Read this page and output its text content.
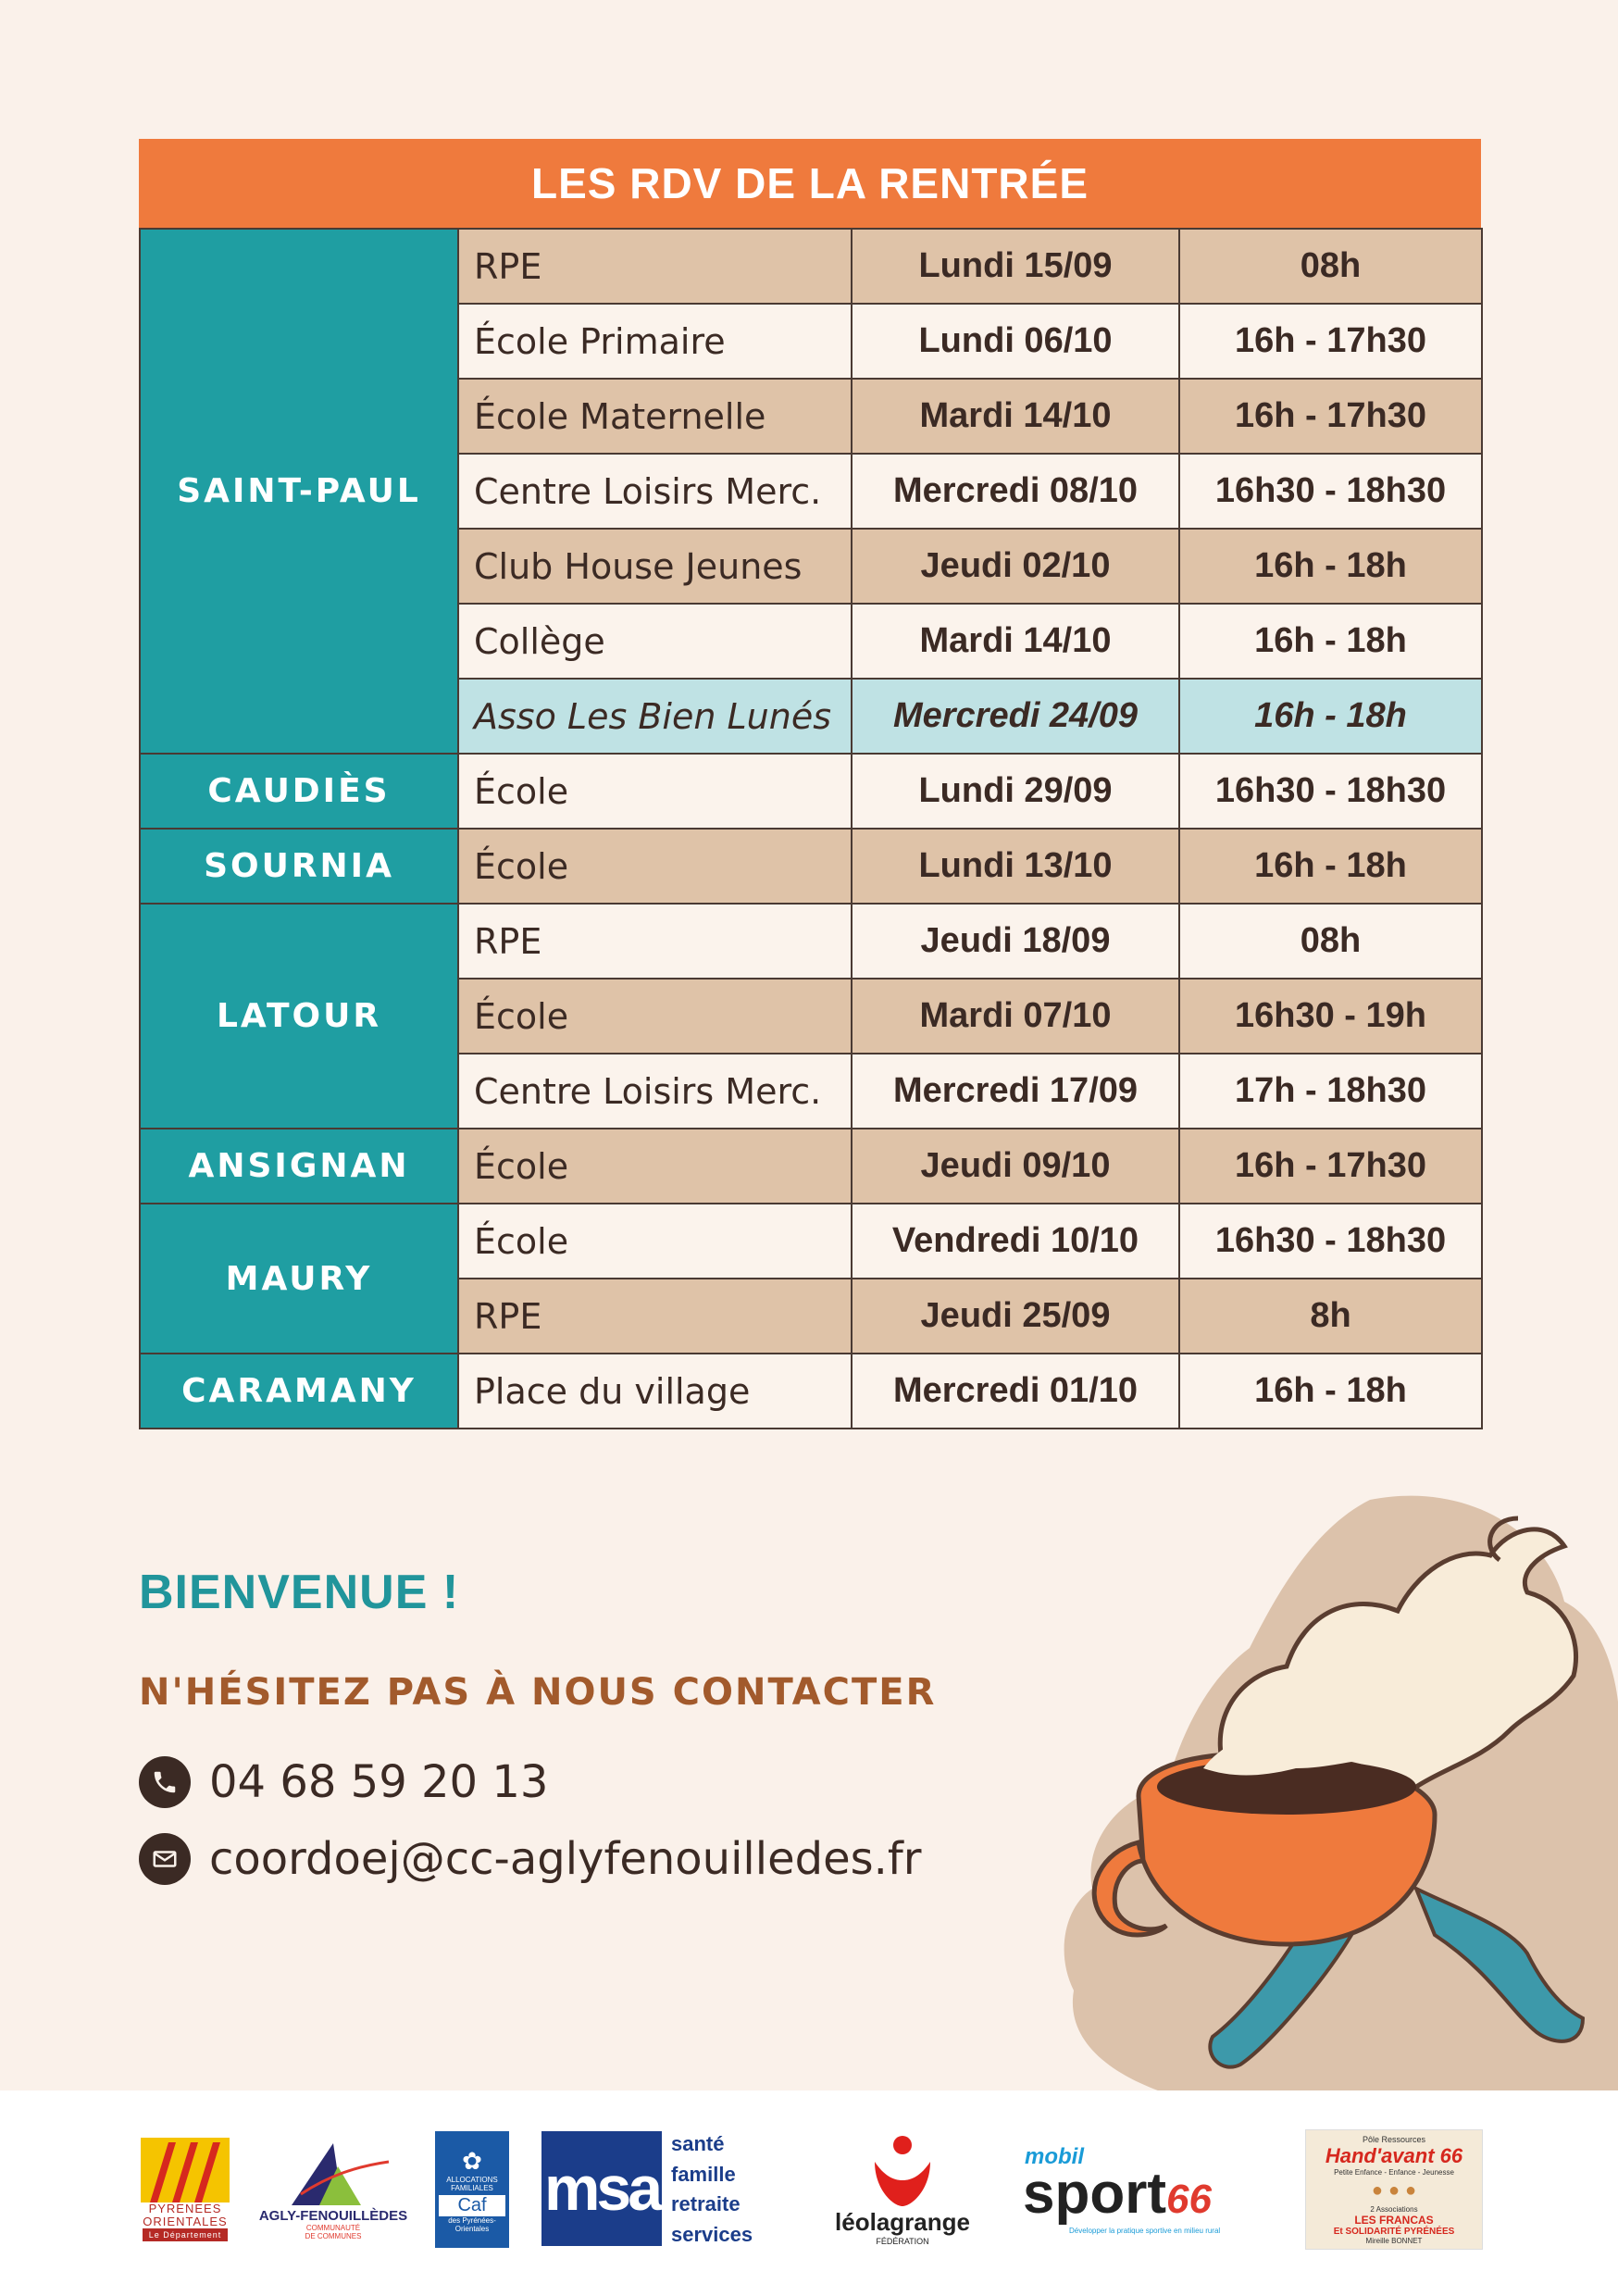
LES RDV DE LA RENTRÉE
SAINT-PAUL	RPE	Lundi 15/09	08h
	École Primaire	Lundi 06/10	16h - 17h30
	École Maternelle	Mardi 14/10	16h - 17h30
	Centre Loisirs Merc.	Mercredi 08/10	16h30 - 18h30
	Club House Jeunes	Jeudi 02/10	16h - 18h
	Collège	Mardi 14/10	16h - 18h
	Asso Les Bien Lunés	Mercredi 24/09	16h - 18h
CAUDIÈS	École	Lundi 29/09	16h30 - 18h30
SOURNIA	École	Lundi 13/10	16h - 18h
LATOUR	RPE	Jeudi 18/09	08h
	École	Mardi 07/10	16h30 - 19h
	Centre Loisirs Merc.	Mercredi 17/09	17h - 18h30
ANSIGNAN	École	Jeudi 09/10	16h - 17h30
MAURY	École	Vendredi 10/10	16h30 - 18h30
	RPE	Jeudi 25/09	8h
CARAMANY	Place du village	Mercredi 01/10	16h - 18h
BIENVENUE !
N'HÉSITEZ PAS À NOUS CONTACTER
04 68 59 20 13
coordoej@cc-aglyfenouilledes.fr
PYRENEES
ORIENTALES
Le Département
AGLY-FENOUILLÈDES
COMMUNAUTÉ
DE COMMUNES
✿
ALLOCATIONS
FAMILIALES
Caf
des Pyrénées-
Orientales
msa
santé
famille
retraite
services	léolagrange
FÉDÉRATION
mobil
sport 66
Développer la pratique sportive en milieu rural
Pôle Ressources
Hand'avant 66
Petite Enfance - Enfance - Jeunesse
● ● ●
2 Associations
LES FRANCAS
Et SOLIDARITÉ PYRÉNÉES
Mireille BONNET
